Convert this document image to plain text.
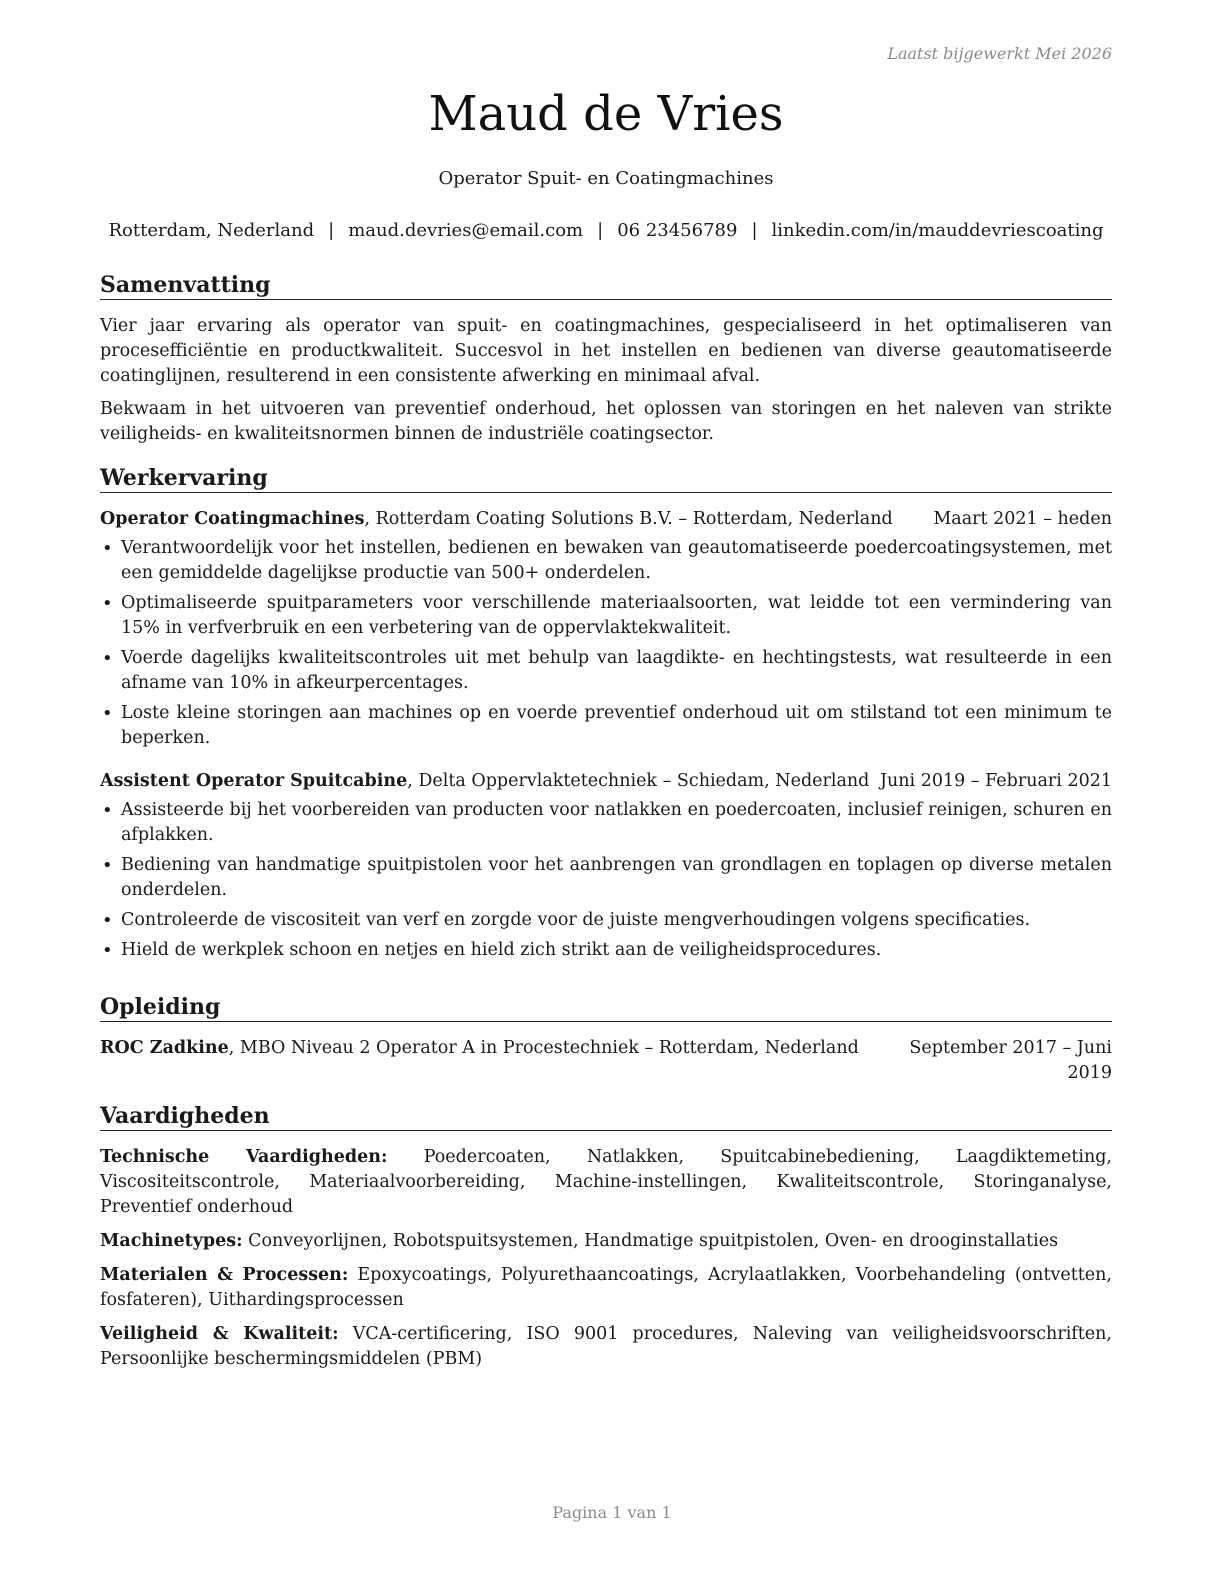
Laatst bijgewerkt Mei 2026
Maud de Vries
Operator Spuit- en Coatingmachines
Rotterdam, Nederland | maud.devries@email.com | 06 23456789 | linkedin.com/in/mauddevriescoating
Samenvatting

Vier jaar ervaring als operator van spuit- en coatingmachines, gespecialiseerd in het optimaliseren van procesefficiëntie en productkwaliteit. Succesvol in het instellen en bedienen van diverse geautomatiseerde coatinglijnen, resulterend in een consistente afwerking en minimaal afval.

Bekwaam in het uitvoeren van preventief onderhoud, het oplossen van storingen en het naleven van strikte veiligheids- en kwaliteitsnormen binnen de industriële coatingsector.

Werkervaring
Operator Coatingmachines, Rotterdam Coating Solutions B.V. – Rotterdam, Nederland Maart 2021 – heden
• Verantwoordelijk voor het instellen, bedienen en bewaken van geautomatiseerde poedercoatingsystemen, met een gemiddelde dagelijkse productie van 500+ onderdelen.
• Optimaliseerde spuitparameters voor verschillende materiaalsoorten, wat leidde tot een vermindering van 15% in verfverbruik en een verbetering van de oppervlaktekwaliteit.
• Voerde dagelijks kwaliteitscontroles uit met behulp van laagdikte- en hechtingstests, wat resulteerde in een afname van 10% in afkeurpercentages.
• Loste kleine storingen aan machines op en voerde preventief onderhoud uit om stilstand tot een minimum te beperken.
Assistent Operator Spuitcabine, Delta Oppervlaktetechniek – Schiedam, Nederland Juni 2019 – Februari 2021
• Assisteerde bij het voorbereiden van producten voor natlakken en poedercoaten, inclusief reinigen, schuren en afplakken.
• Bediening van handmatige spuitpistolen voor het aanbrengen van grondlagen en toplagen op diverse metalen onderdelen.
• Controleerde de viscositeit van verf en zorgde voor de juiste mengverhoudingen volgens specificaties.
• Hield de werkplek schoon en netjes en hield zich strikt aan de veiligheidsprocedures.
Opleiding
ROC Zadkine, MBO Niveau 2 Operator A in Procestechniek – Rotterdam, Nederland	September 2017 – Juni 2019
Vaardigheden
Technische Vaardigheden: Poedercoaten, Natlakken, Spuitcabinebediening, Laagdiktemeting, Viscositeitscontrole, Materiaalvoorbereiding, Machine-instellingen, Kwaliteitscontrole, Storinganalyse, Preventief onderhoud
Machinetypes: Conveyorlijnen, Robotspuitsystemen, Handmatige spuitpistolen, Oven- en drooginstallaties
Materialen & Processen: Epoxycoatings, Polyurethaancoatings, Acrylaatlakken, Voorbehandeling (ontvetten, fosfateren), Uithardingsprocessen
Veiligheid & Kwaliteit: VCA-certificering, ISO 9001 procedures, Naleving van veiligheidsvoorschriften, Persoonlijke beschermingsmiddelen (PBM)
Pagina 1 van 1
